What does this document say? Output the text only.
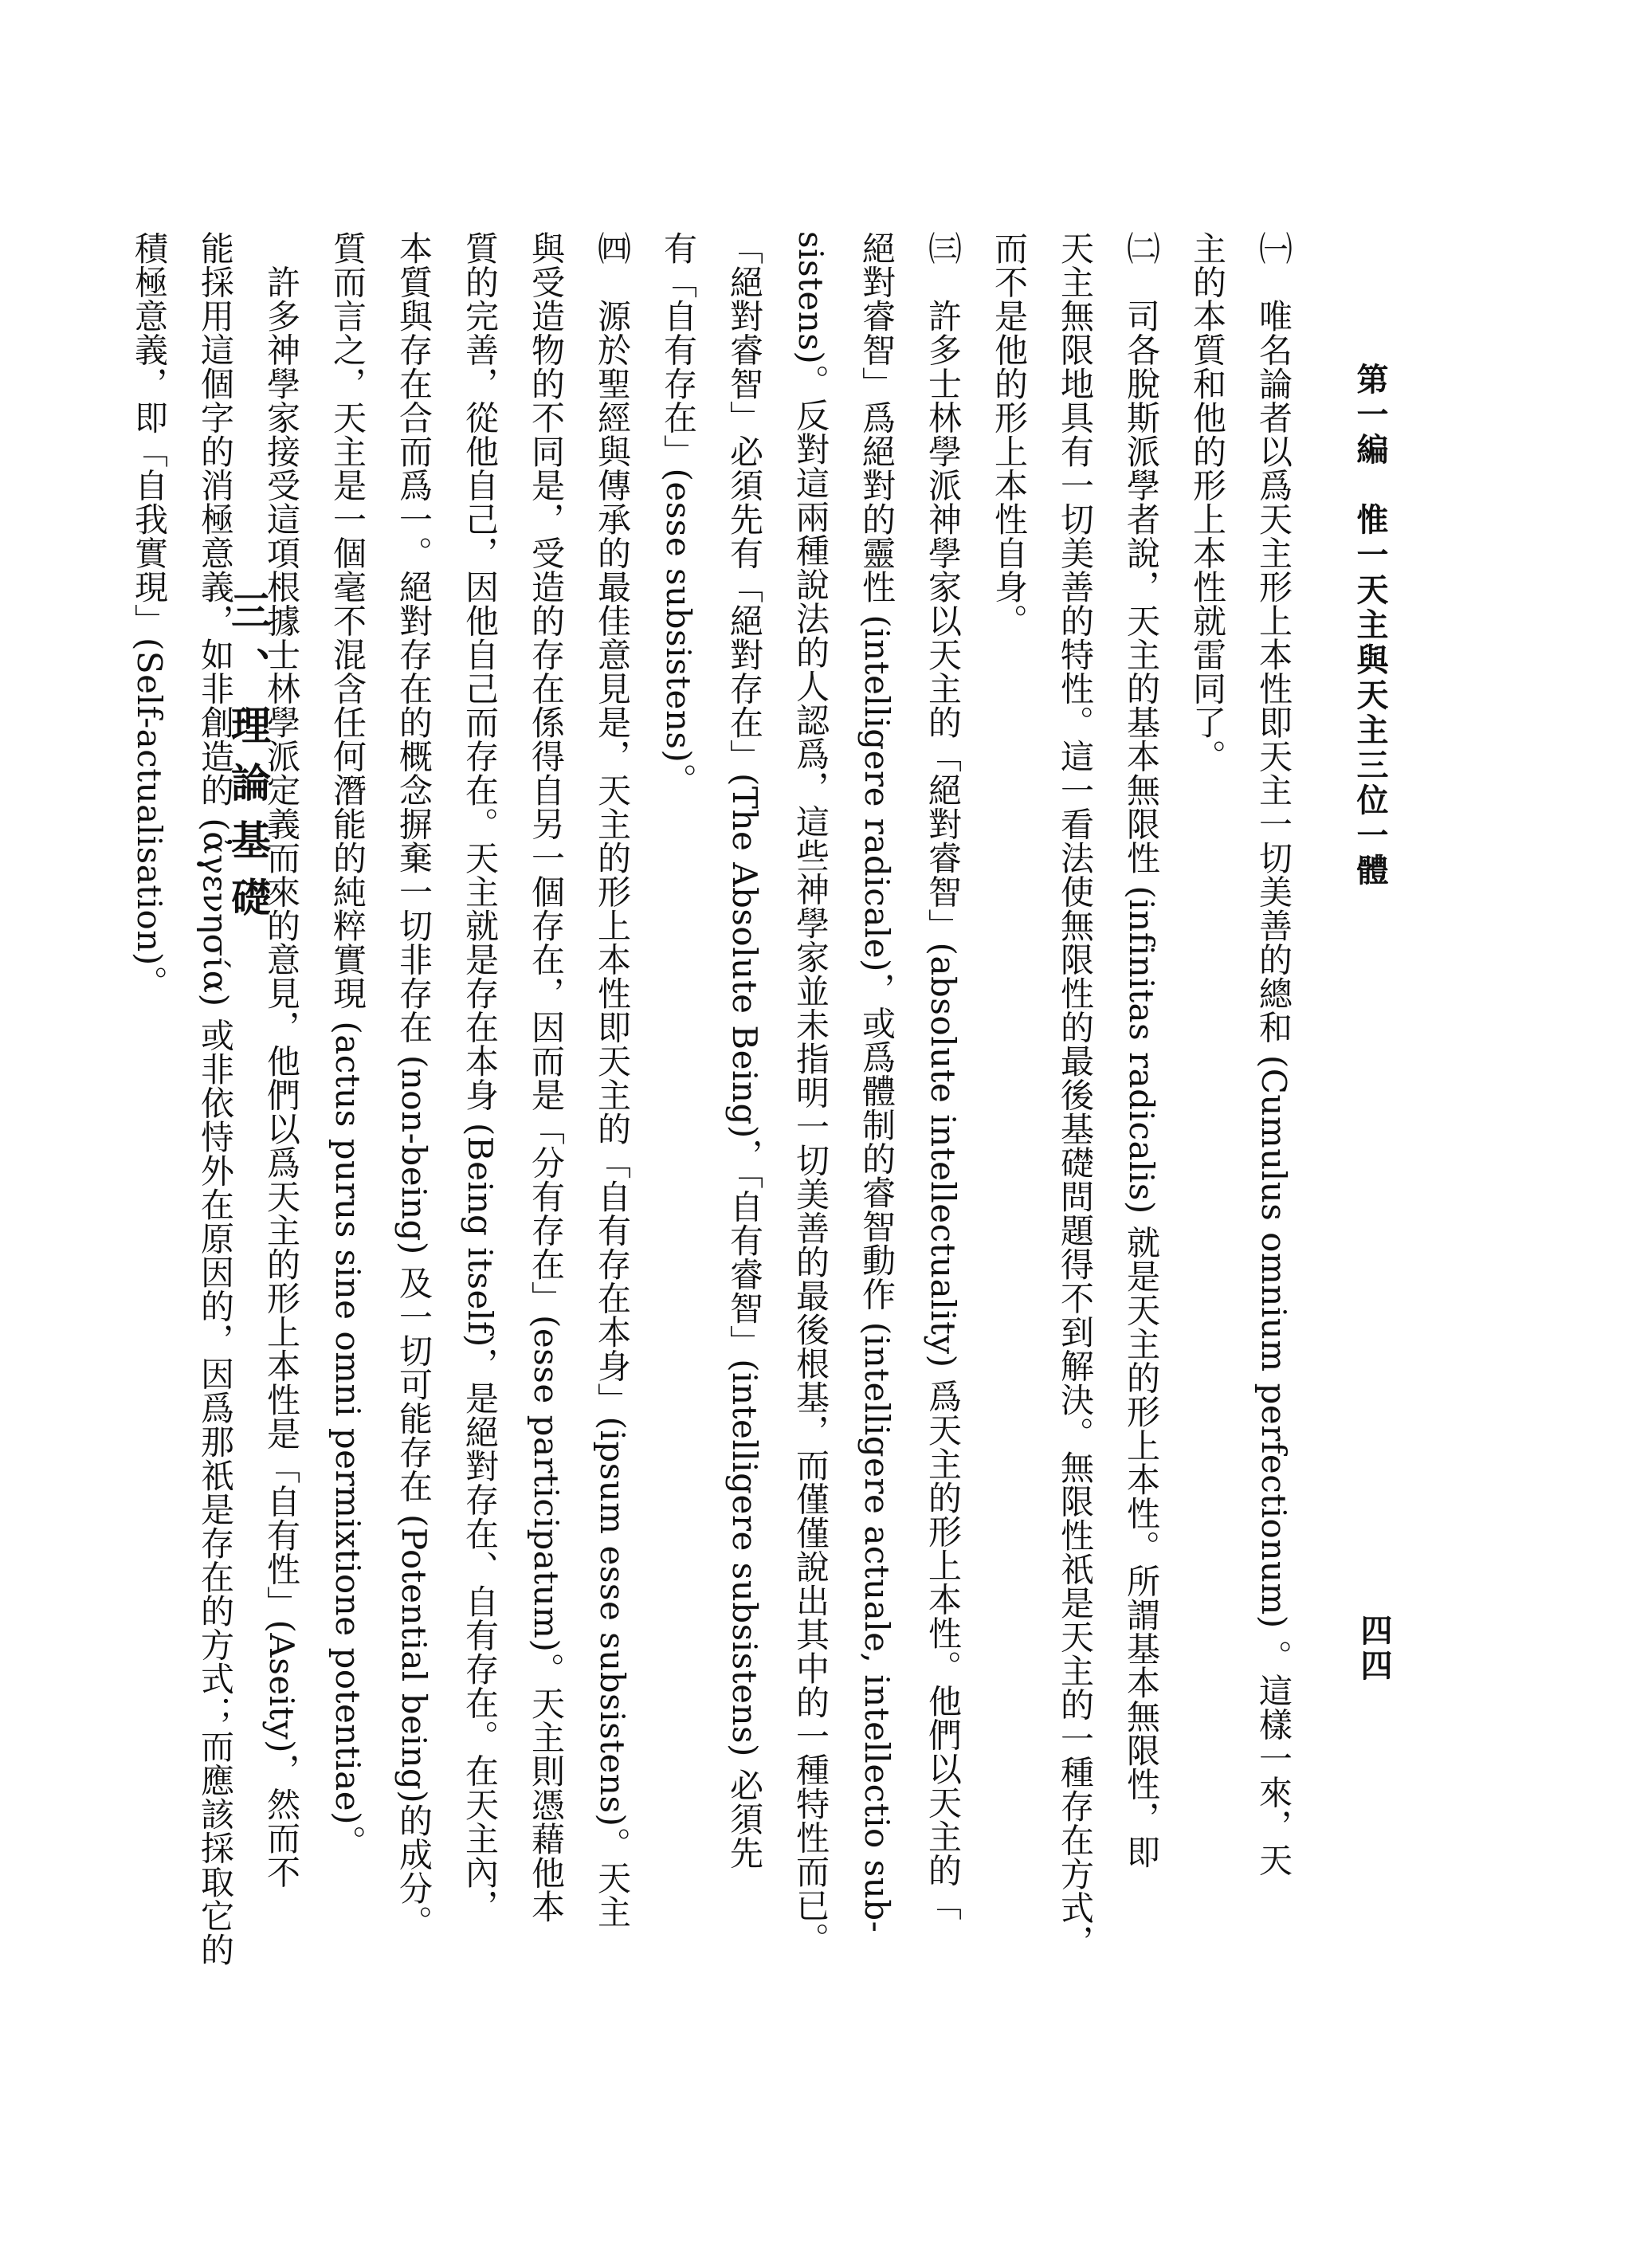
第一編　惟一天主與天主三位一體
四四
㈠　唯名論者以爲天主形上本性即天主一切美善的總和 (Cumulus omnium perfectionum) 。這樣一來，天
主的本質和他的形上本性就雷同了。
㈡　司各脫斯派學者說，天主的基本無限性 (infinitas radicalis) 就是天主的形上本性。所謂基本無限性，即
天主無限地具有一切美善的特性。這一看法使無限性的最後基礎問題得不到解決。無限性祇是天主的一種存在方式，
而不是他的形上本性自身。
㈢　許多士林學派神學家以天主的「絕對睿智」(absolute intellectuality) 爲天主的形上本性。他們以天主的「
絕對睿智」爲絕對的靈性 (intelligere radicale)，或爲體制的睿智動作 (intelligere actuale, intellectio sub-
sistens)。反對這兩種說法的人認爲，這些神學家並未指明一切美善的最後根基，而僅僅說出其中的一種特性而已。
「絕對睿智」必須先有「絕對存在」(The Absolute Being)，「自有睿智」(intelligere subsistens) 必須先
有「自有存在」(esse subsistens)。
㈣　源於聖經與傳承的最佳意見是，天主的形上本性即天主的「自有存在本身」(ipsum esse subsistens)。天主
與受造物的不同是，受造的存在係得自另一個存在，因而是「分有存在」(esse participatum)。天主則憑藉他本
質的完善，從他自己，因他自己而存在。天主就是存在本身 (Being itself)，是絕對存在、自有存在。在天主內，
本質與存在合而爲一。絕對存在的概念摒棄一切非存在 (non-being) 及一切可能存在 (Potential being)的成分。
質而言之，天主是一個毫不混含任何潛能的純粹實現 (actus purus sine omni permixtione potentiae)。
　許多神學家接受這項根據士林學派定義而來的意見，他們以爲天主的形上本性是「自有性」(Aseity)，然而不
能採用這個字的消極意義，如非創造的 (ἀγενησία) 或非依恃外在原因的，因爲那祇是存在的方式；而應該採取它的
積極意義，即「自我實現」(Self-actualisation)。	三、理論基礎
